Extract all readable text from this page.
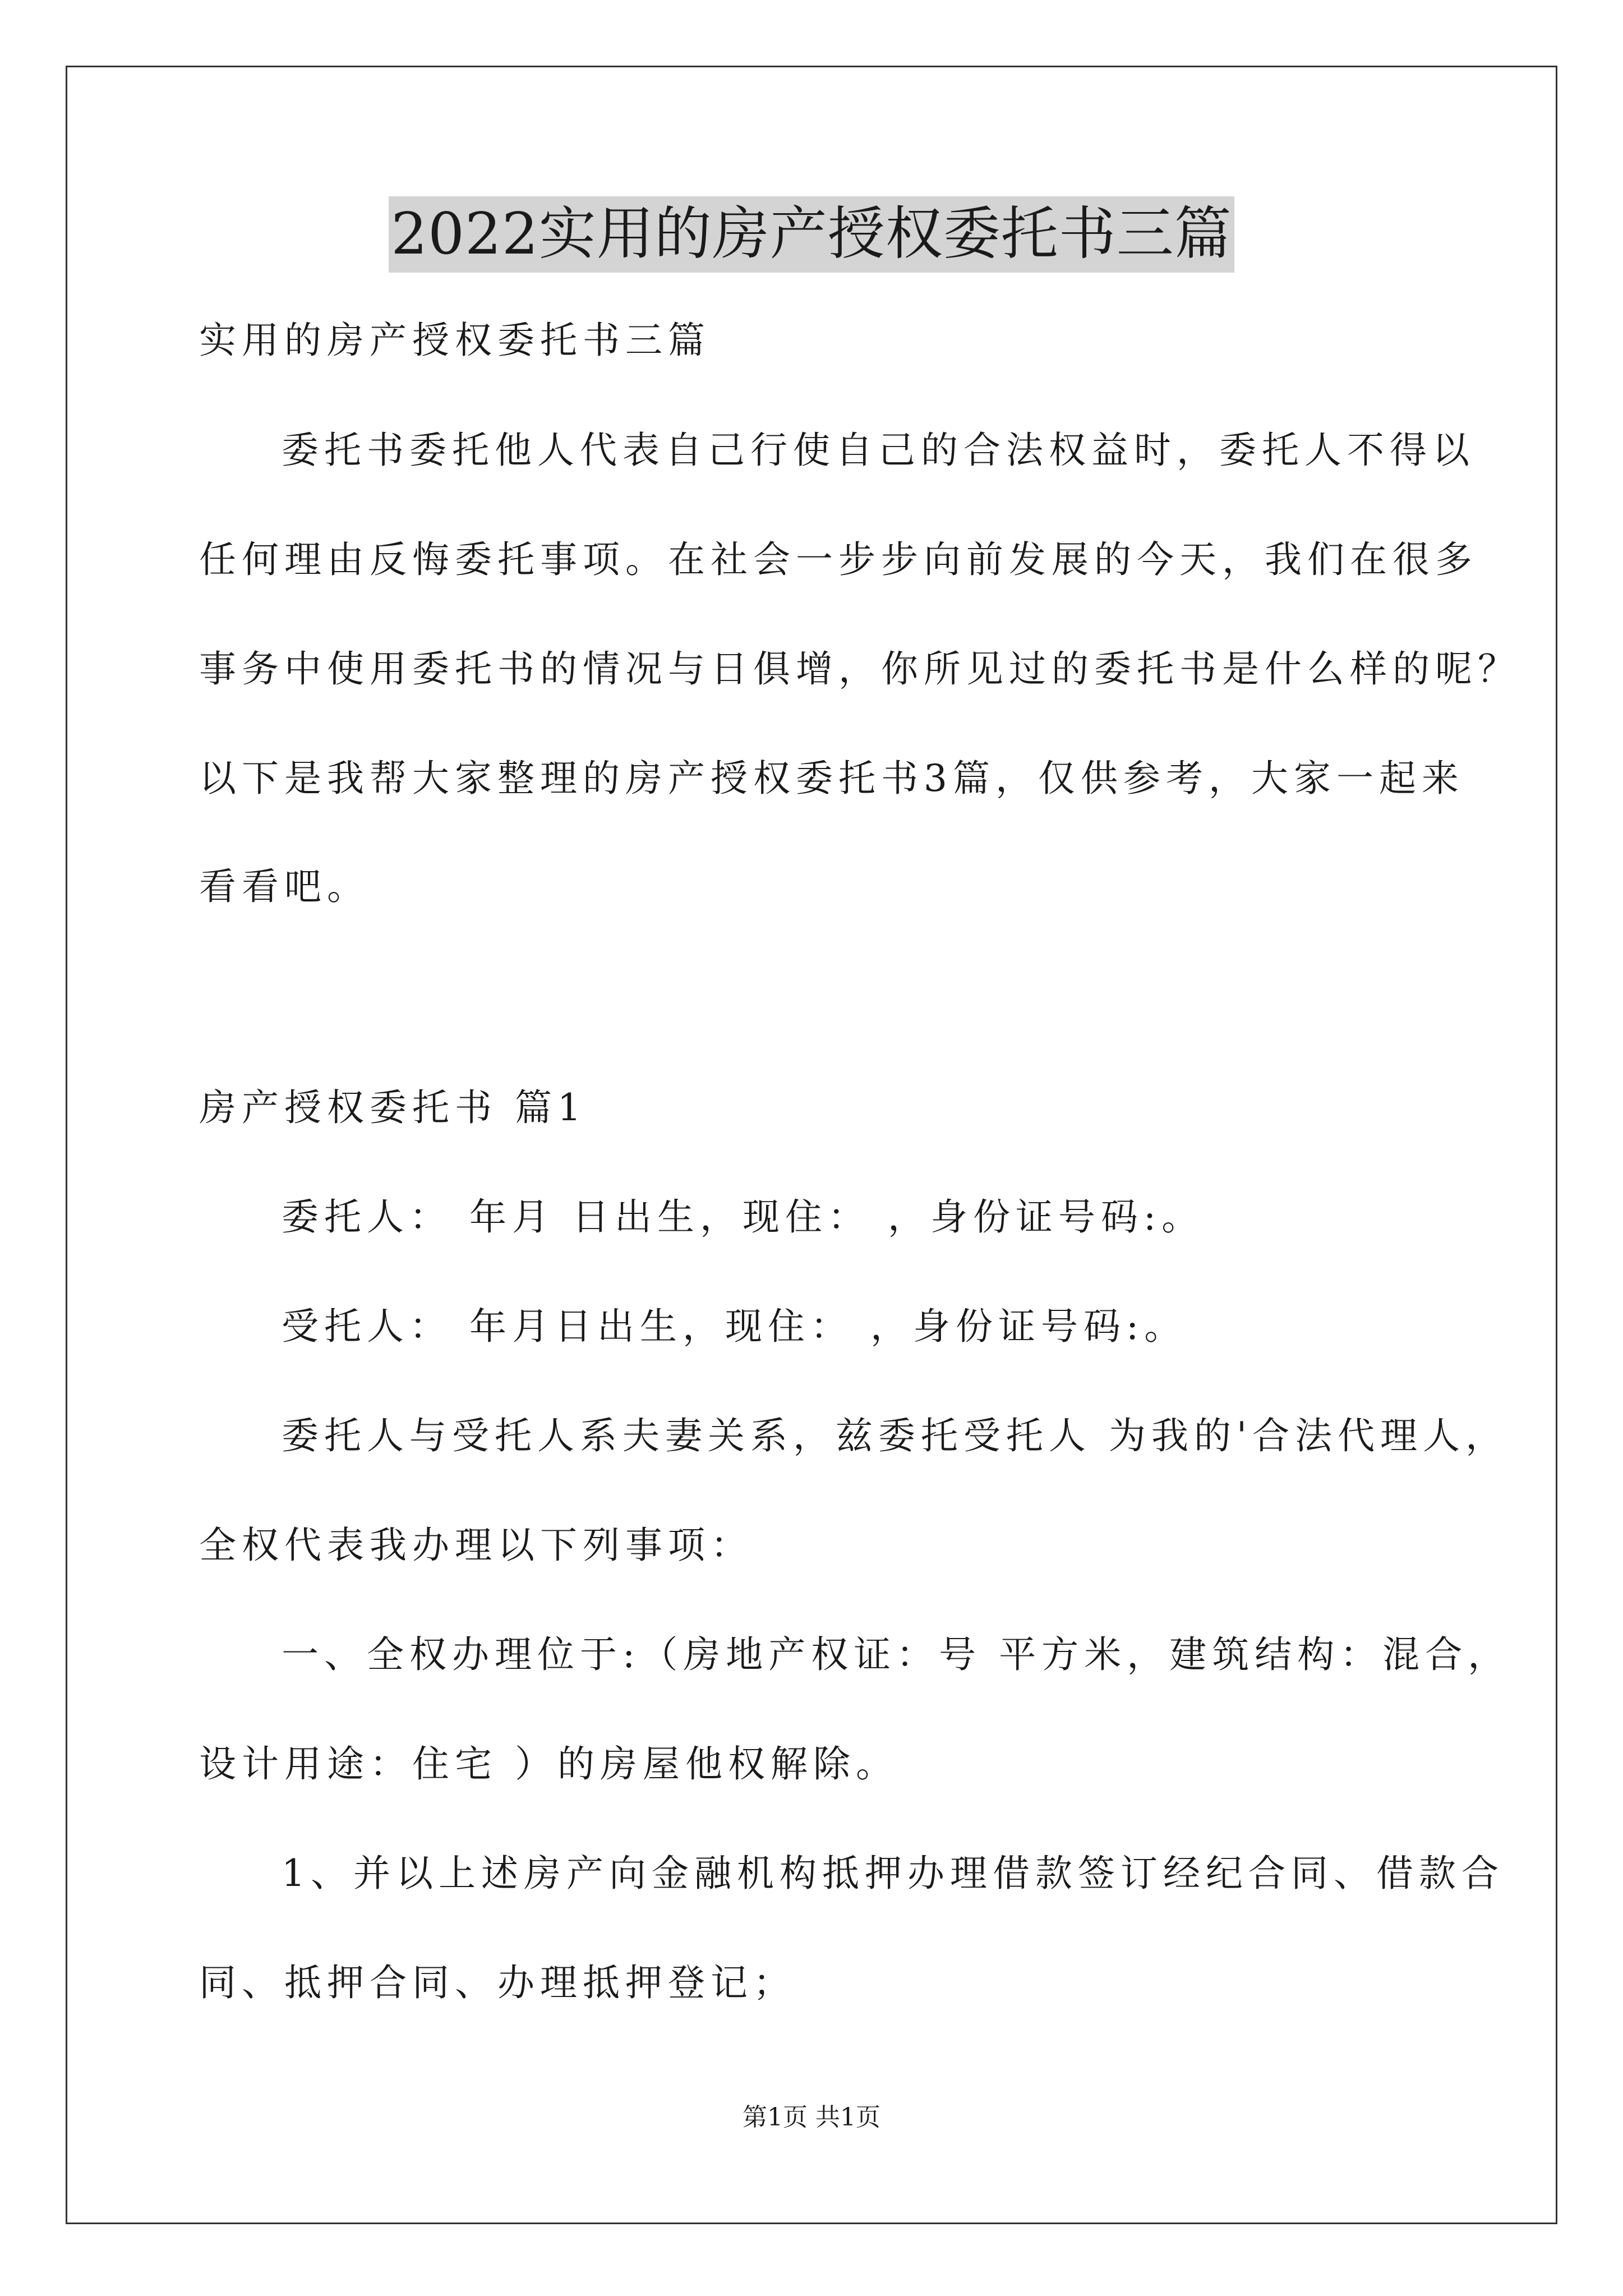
2022实用的房产授权委托书三篇
实用的房产授权委托书三篇
委托书委托他人代表自己行使自己的合法权益时，委托人不得以
任何理由反悔委托事项。在社会一步步向前发展的今天，我们在很多
事务中使用委托书的情况与日俱增，你所见过的委托书是什么样的呢？
以下是我帮大家整理的房产授权委托书3篇，仅供参考，大家一起来
看看吧。
房产授权委托书 篇1
委托人： 年月 日出生，现住： ，身份证号码:。
受托人： 年月日出生，现住： ，身份证号码:。
委托人与受托人系夫妻关系，兹委托受托人 为我的'合法代理人，
全权代表我办理以下列事项：
一、全权办理位于:（房地产权证：号 平方米，建筑结构：混合，
设计用途：住宅 ）的房屋他权解除。
1、并以上述房产向金融机构抵押办理借款签订经纪合同、借款合
同、抵押合同、办理抵押登记；
第1页 共1页
